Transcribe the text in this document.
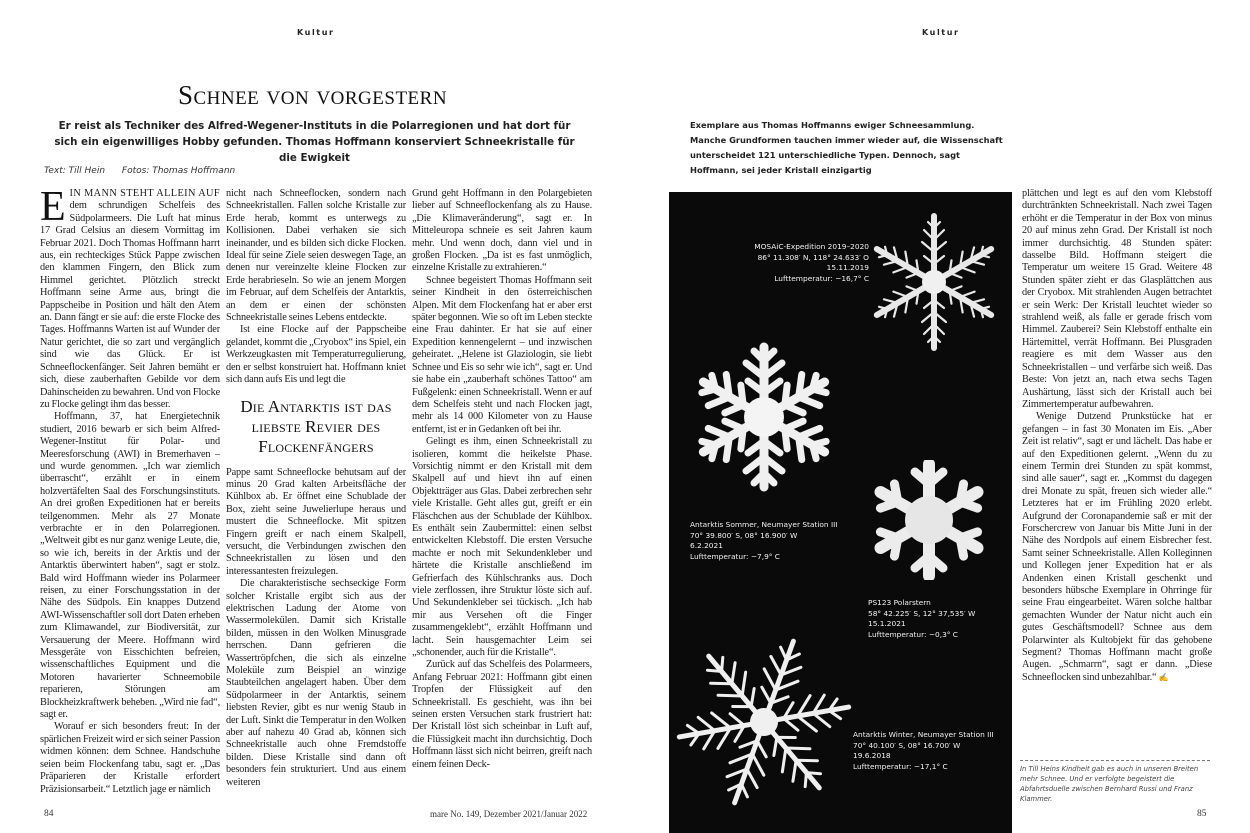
Kultur
Schnee von vorgestern
Er reist als Techniker des Alfred-Wegener-Instituts in die Polarregionen und hat dort für sich ein eigenwilliges Hobby gefunden. Thomas Hoffmann konserviert Schneekristalle für die Ewigkeit
Text: Till Hein Fotos: Thomas Hoffmann

EIN MANN STEHT ALLEIN AUF dem schrundigen Schelfeis des Südpolarmeers. Die Luft hat minus 17 Grad Celsius an diesem Vormittag im Februar 2021. Doch Thomas Hoffmann harrt aus, ein rechteckiges Stück Pappe zwischen den klammen Fingern, den Blick zum Himmel gerichtet. Plötzlich streckt Hoffmann seine Arme aus, bringt die Pappscheibe in Position und hält den Atem an. Dann fängt er sie auf: die erste Flocke des Tages. Hoffmanns Warten ist auf Wunder der Natur gerichtet, die so zart und vergänglich sind wie das Glück. Er ist Schneeflockenfänger. Seit Jahren bemüht er sich, diese zauberhaften Gebilde vor dem Dahinscheiden zu bewahren. Und von Flocke zu Flocke gelingt ihm das besser.

Hoffmann, 37, hat Energietechnik studiert, 2016 bewarb er sich beim Alfred-Wegener-Institut für Polar- und Meeresforschung (AWI) in Bremerhaven – und wurde genommen. „Ich war ziemlich überrascht“, erzählt er in einem holzvertäfelten Saal des Forschungsinstituts. An drei großen Expeditionen hat er bereits teilgenommen. Mehr als 27 Monate verbrachte er in den Polarregionen. „Weltweit gibt es nur ganz wenige Leute, die, so wie ich, bereits in der Arktis und der Antarktis überwintert haben“, sagt er stolz. Bald wird Hoffmann wieder ins Polarmeer reisen, zu einer Forschungsstation in der Nähe des Südpols. Ein knappes Dutzend AWI-Wissenschaftler soll dort Daten erheben zum Klimawandel, zur Biodiversität, zur Versauerung der Meere. Hoffmann wird Messgeräte von Eisschichten befreien, wissenschaftliches Equipment und die Motoren havarierter Schneemobile reparieren, Störungen am Blockheizkraftwerk beheben. „Wird nie fad“, sagt er.

Worauf er sich besonders freut: In der spärlichen Freizeit wird er sich seiner Passion widmen können: dem Schnee. Handschuhe seien beim Flockenfang tabu, sagt er. „Das Präparieren der Kristalle erfordert Präzisionsarbeit.“ Letztlich jage er nämlich

nicht nach Schneeflocken, sondern nach Schneekristallen. Fallen solche Kristalle zur Erde herab, kommt es unterwegs zu Kollisionen. Dabei verhaken sie sich ineinander, und es bilden sich dicke Flocken. Ideal für seine Ziele seien deswegen Tage, an denen nur vereinzelte kleine Flocken zur Erde herabrieseln. So wie an jenem Morgen im Februar, auf dem Schelfeis der Antarktis, an dem er einen der schönsten Schneekristalle seines Lebens entdeckte.

Ist eine Flocke auf der Pappscheibe gelandet, kommt die „Cryobox“ ins Spiel, ein Werkzeugkasten mit Temperaturregulierung, den er selbst konstruiert hat. Hoffmann kniet sich dann aufs Eis und legt die

Die Antarktis ist das liebste Revier des Flockenfängers

Pappe samt Schneeflocke behutsam auf der minus 20 Grad kalten Arbeitsfläche der Kühlbox ab. Er öffnet eine Schublade der Box, zieht seine Juwelierlupe heraus und mustert die Schneeflocke. Mit spitzen Fingern greift er nach einem Skalpell, versucht, die Verbindungen zwischen den Schneekristallen zu lösen und den interessantesten freizulegen.

Die charakteristische sechseckige Form solcher Kristalle ergibt sich aus der elektrischen Ladung der Atome von Wassermolekülen. Damit sich Kristalle bilden, müssen in den Wolken Minusgrade herrschen. Dann gefrieren die Wassertröpfchen, die sich als einzelne Moleküle zum Beispiel an winzige Staubteilchen angelagert haben. Über dem Südpolarmeer in der Antarktis, seinem liebsten Revier, gibt es nur wenig Staub in der Luft. Sinkt die Temperatur in den Wolken aber auf nahezu 40 Grad ab, können sich Schneekristalle auch ohne Fremdstoffe bilden. Diese Kristalle sind dann oft besonders fein strukturiert. Und aus einem weiteren

Grund geht Hoffmann in den Polargebieten lieber auf Schneeflockenfang als zu Hause. „Die Klimaveränderung“, sagt er. In Mitteleuropa schneie es seit Jahren kaum mehr. Und wenn doch, dann viel und in großen Flocken. „Da ist es fast unmöglich, einzelne Kristalle zu extrahieren.“

Schnee begeistert Thomas Hoffmann seit seiner Kindheit in den österreichischen Alpen. Mit dem Flockenfang hat er aber erst später begonnen. Wie so oft im Leben steckte eine Frau dahinter. Er hat sie auf einer Expedition kennengelernt – und inzwischen geheiratet. „Helene ist Glaziologin, sie liebt Schnee und Eis so sehr wie ich“, sagt er. Und sie habe ein „zauberhaft schönes Tattoo“ am Fußgelenk: einen Schneekristall. Wenn er auf dem Schelfeis steht und nach Flocken jagt, mehr als 14 000 Kilometer von zu Hause entfernt, ist er in Gedanken oft bei ihr.

Gelingt es ihm, einen Schneekristall zu isolieren, kommt die heikelste Phase. Vorsichtig nimmt er den Kristall mit dem Skalpell auf und hievt ihn auf einen Objektträger aus Glas. Dabei zerbrechen sehr viele Kristalle. Geht alles gut, greift er ein Fläschchen aus der Schublade der Kühlbox. Es enthält sein Zaubermittel: einen selbst entwickelten Klebstoff. Die ersten Versuche machte er noch mit Sekundenkleber und härtete die Kristalle anschließend im Gefrierfach des Kühlschranks aus. Doch viele zerflossen, ihre Struktur löste sich auf. Und Sekundenkleber sei tückisch. „Ich hab mir aus Versehen oft die Finger zusammengeklebt“, erzählt Hoffmann und lacht. Sein hausgemachter Leim sei „schonender, auch für die Kristalle“.

Zurück auf das Schelfeis des Polarmeers, Anfang Februar 2021: Hoffmann gibt einen Tropfen der Flüssigkeit auf den Schneekristall. Es geschieht, was ihn bei seinen ersten Versuchen stark frustriert hat: Der Kristall löst sich scheinbar in Luft auf, die Flüssigkeit macht ihn durchsichtig. Doch Hoffmann lässt sich nicht beirren, greift nach einem feinen Deck-

84	mare No. 149, Dezember 2021/Januar 2022
Kultur
Exemplare aus Thomas Hoffmanns ewiger Schneesammlung. Manche Grundformen tauchen immer wieder auf, die Wissenschaft unterscheidet 121 unterschiedliche Typen. Dennoch, sagt Hoffmann, sei jeder Kristall einzigartig
MOSAiC-Expedition 2019–2020
86° 11.308′ N, 118° 24.633′ O
15.11.2019
Lufttemperatur: −16,7° C
Antarktis Sommer, Neumayer Station III
70° 39.800′ S, 08° 16.900′ W
6.2.2021
Lufttemperatur: −7,9° C
PS123 Polarstern
58° 42.225′ S, 12° 37,535′ W
15.1.2021
Lufttemperatur: −0,3° C
Antarktis Winter, Neumayer Station III
70° 40.100′ S, 08° 16.700′ W
19.6.2018
Lufttemperatur: −17,1° C

plättchen und legt es auf den vom Klebstoff durchtränkten Schneekristall. Nach zwei Tagen erhöht er die Temperatur in der Box von minus 20 auf minus zehn Grad. Der Kristall ist noch immer durchsichtig. 48 Stunden später: dasselbe Bild. Hoffmann steigert die Temperatur um weitere 15 Grad. Weitere 48 Stunden später zieht er das Glasplättchen aus der Cryobox. Mit strahlenden Augen betrachtet er sein Werk: Der Kristall leuchtet wieder so strahlend weiß, als falle er gerade frisch vom Himmel. Zauberei? Sein Klebstoff enthalte ein Härtemittel, verrät Hoffmann. Bei Plusgraden reagiere es mit dem Wasser aus den Schneekristallen – und verfärbe sich weiß. Das Beste: Von jetzt an, nach etwa sechs Tagen Aushärtung, lässt sich der Kristall auch bei Zimmertemperatur aufbewahren.

Wenige Dutzend Prunkstücke hat er gefangen – in fast 30 Monaten im Eis. „Aber Zeit ist relativ“, sagt er und lächelt. Das habe er auf den Expeditionen gelernt. „Wenn du zu einem Termin drei Stunden zu spät kommst, sind alle sauer“, sagt er. „Kommst du dagegen drei Monate zu spät, freuen sich wieder alle.“ Letzteres hat er im Frühling 2020 erlebt. Aufgrund der Coronapandemie saß er mit der Forschercrew von Januar bis Mitte Juni in der Nähe des Nordpols auf einem Eisbrecher fest. Samt seiner Schneekristalle. Allen Kolleginnen und Kollegen jener Expedition hat er als Andenken einen Kristall geschenkt und besonders hübsche Exemplare in Ohrringe für seine Frau eingearbeitet. Wären solche haltbar gemachten Wunder der Natur nicht auch ein gutes Geschäftsmodell? Schnee aus dem Polarwinter als Kultobjekt für das gehobene Segment? Thomas Hoffmann macht große Augen. „Schmarrn“, sagt er dann. „Diese Schneeflocken sind unbezahlbar.“ ✍

In Till Heins Kindheit gab es auch in unseren Breiten mehr Schnee. Und er verfolgte begeistert die Abfahrtsduelle zwischen Bernhard Russi und Franz Klammer.
85
